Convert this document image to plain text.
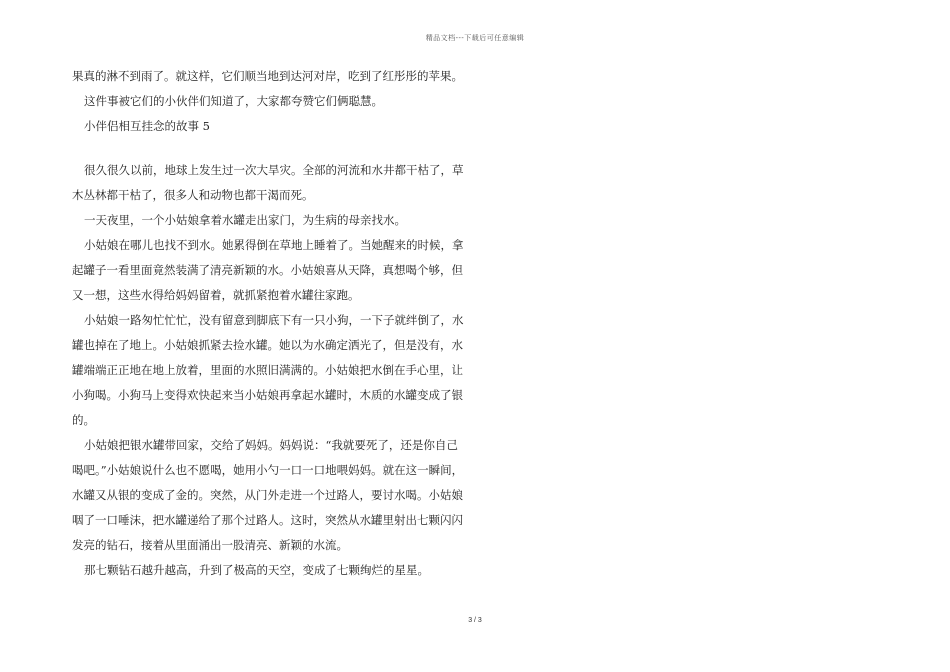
精品文档---下载后可任意编辑
果真的淋不到雨了。就这样，它们顺当地到达河对岸，吃到了红彤彤的苹果。
这件事被它们的小伙伴们知道了，大家都夸赞它们俩聪慧。
小伴侣相互挂念的故事 5
很久很久以前，地球上发生过一次大旱灾。全部的河流和水井都干枯了，草
木丛林都干枯了，很多人和动物也都干渴而死。
一天夜里，一个小姑娘拿着水罐走出家门，为生病的母亲找水。
小姑娘在哪儿也找不到水。她累得倒在草地上睡着了。当她醒来的时候，拿
起罐子一看里面竟然装满了清亮新颖的水。小姑娘喜从天降，真想喝个够，但
又一想，这些水得给妈妈留着，就抓紧抱着水罐往家跑。
小姑娘一路匆忙忙忙，没有留意到脚底下有一只小狗，一下子就绊倒了，水
罐也掉在了地上。小姑娘抓紧去捡水罐。她以为水确定洒光了，但是没有，水
罐端端正正地在地上放着，里面的水照旧满满的。小姑娘把水倒在手心里，让
小狗喝。小狗马上变得欢快起来当小姑娘再拿起水罐时，木质的水罐变成了银
的。
小姑娘把银水罐带回家，交给了妈妈。妈妈说：“我就要死了，还是你自己
喝吧。”小姑娘说什么也不愿喝，她用小勺一口一口地喂妈妈。就在这一瞬间，
水罐又从银的变成了金的。突然，从门外走进一个过路人，要讨水喝。小姑娘
咽了一口唾沫，把水罐递给了那个过路人。这时，突然从水罐里射出七颗闪闪
发亮的钻石，接着从里面涌出一股清亮、新颖的水流。
那七颗钻石越升越高，升到了极高的天空，变成了七颗绚烂的星星。
3 / 3
